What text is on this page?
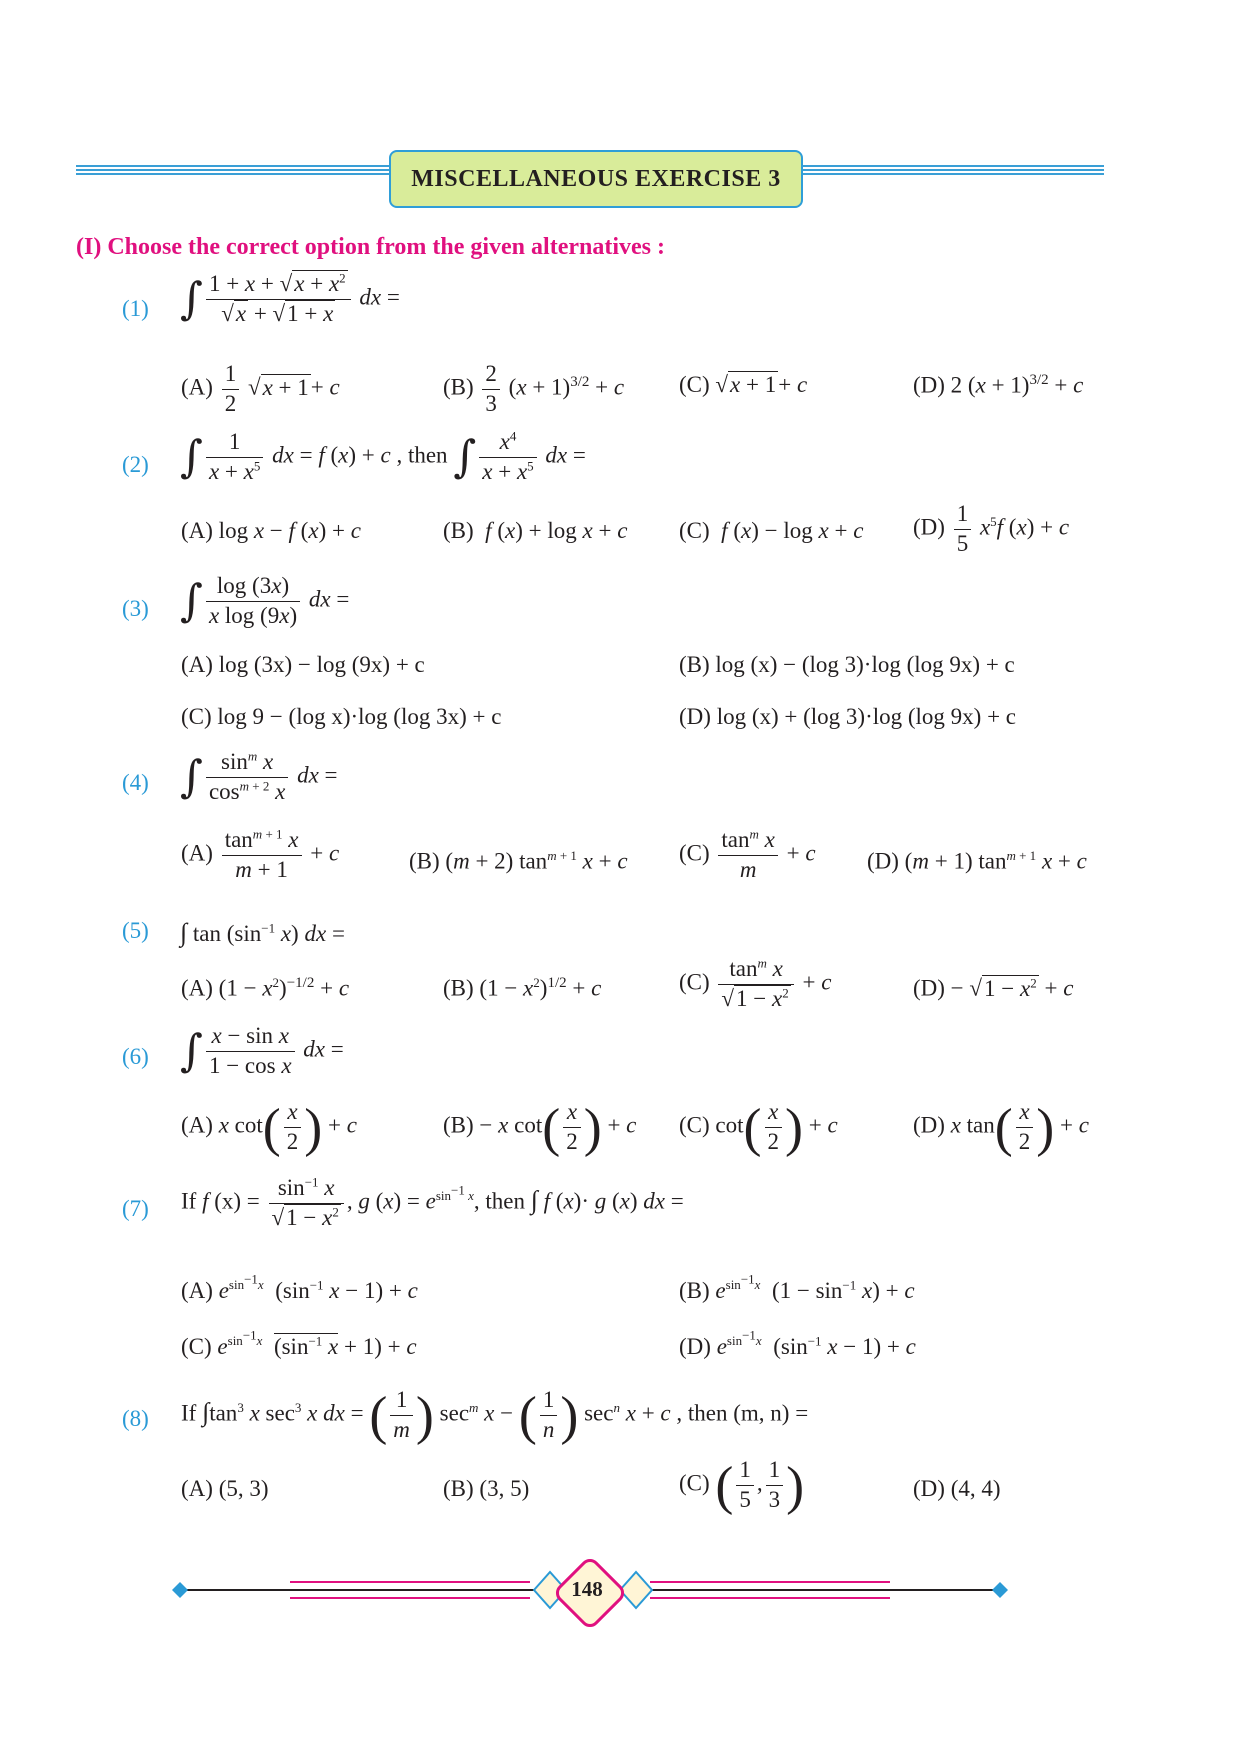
MISCELLANEOUS EXERCISE 3
(I) Choose the correct option from the given alternatives :
(1) ∫ $\frac{1 + x + √x + x^2}{√x + √1 + x}$ dx =
$(A) \frac{1}{2} √x + 1+ c$	$(B) \frac{2}{3} (x + 1)^{3/2} + c$ (C) √x + 1+ c	(D) 2 $(x + 1)^{3/2} + c$
(2) ∫ $\frac{1}{x + x^5}$ dx = f (x) + c , then ∫ $\frac{x^4}{x + x^5}$ dx =
(A) log x − f (x) + c	(B)  f (x) + log x + c (C)  f (x) − log x + c $(D) \frac{1}{5} x^5f$ (x) + c
(3) ∫ $\frac{\log (3x)}{\text{x log (9x)}}$ dx =
(A) log (3x) − log (9x) + c	(B) log (x) − (log 3)·log (log 9x) + c
(C) log 9 − (log x)·log (log 3x) + c	(D) log (x) + (log 3)·log (log 9x) + c
(4) ∫ $\frac{\sin^m x}{\cos^{m + 2} x}$ dx =
$(A) \frac{\tan^{m + 1} x}{m + 1} + c$	(B) (m + 2) $\tan^{m + 1} x + c$ $(C) \frac{\tan^m x}{m} + c$ (D) (m + 1) $\tan^{m + 1} x + c$
(5) ∫ $\tan (\sin^{-1}$ x) dx =
(A) $(1 - x^2)^{-1/2} + c$	(B) $(1 - x^2)^{1/2} + c$	$(C) \frac{\tan^m x}{√1 - x^2} + c$	$(D) - √1 - x^2 + c$
(6) ∫ $\frac{\text{x − sin x}}{\text{1 − cos x}}$ dx =
(A) x $\cot( \frac{x}{2}$ ) + c	(B) − x $\cot( \frac{x}{2}$ ) + c (C) $\cot( \frac{x}{2}$ ) + c	(D) x $\tan( \frac{x}{2}$ ) + c
(7) If f $(x) = \frac{\sin^{-1} x}{√1 - x^2}$ , g $(x) = e^{sin^{-1} x}$, then ∫ f (x)· g (x) dx =
(A) $e^{sin^{-1}x}$  ($\sin^{-1}$ x − 1) + c	(B) $e^{sin^{-1}x}$  $(1 - \sin^{-1} x) + c$
(C) $e^{sin^{-1}x}$ ($\sin^{-1}$ x + 1) + c	(D) $e^{sin^{-1}x}$  ($\sin^{-1}$ x − 1) + c
(8) If $\int\tan^3$ x $\sec^3 x$ dx = ( $\frac{1}{m}$ ) $\sec^m x$ − ( $\frac{1}{n}$ ) $\sec^n x + c$ , then (m, n) =
(A) (5, 3)	(B) (3, 5)	(C) ( $\frac{1}{5}$ , $\frac{1}{3}$ )	(D) (4, 4)
148
